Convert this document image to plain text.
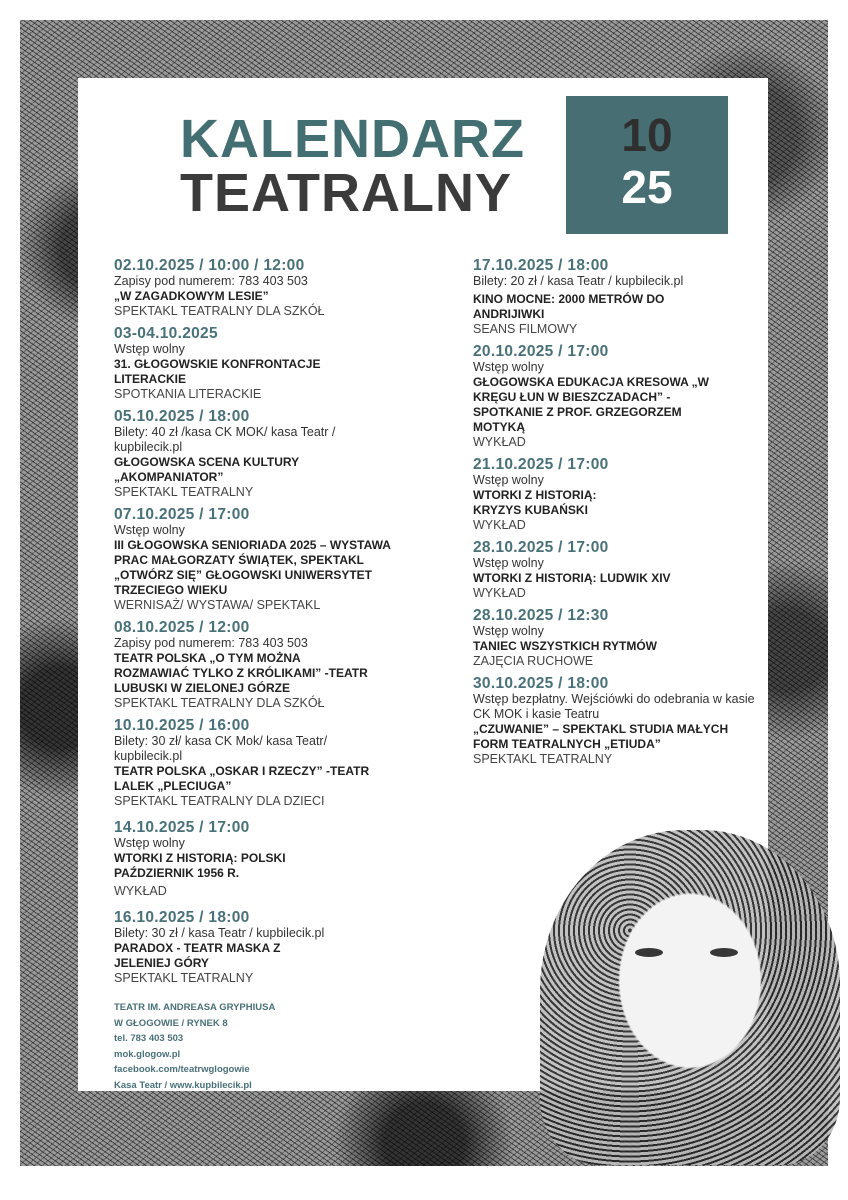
KALENDARZ
TEATRALNY
10
25
02.10.2025 / 10:00 / 12:00
Zapisy pod numerem: 783 403 503
„W ZAGADKOWYM LESIE”
SPEKTAKL TEATRALNY DLA SZKÓŁ
03-04.10.2025
Wstęp wolny
31. GŁOGOWSKIE KONFRONTACJE LITERACKIE
SPOTKANIA LITERACKIE
05.10.2025 / 18:00
Bilety: 40 zł /kasa CK MOK/ kasa Teatr / kupbilecik.pl
GŁOGOWSKA SCENA KULTURY „AKOMPANIATOR”
SPEKTAKL TEATRALNY
07.10.2025 / 17:00
Wstęp wolny
III GŁOGOWSKA SENIORIADA 2025 – WYSTAWA PRAC MAŁGORZATY ŚWIĄTEK, SPEKTAKL „OTWÓRZ SIĘ” GŁOGOWSKI UNIWERSYTET TRZECIEGO WIEKU
WERNISAŻ/ WYSTAWA/ SPEKTAKL
08.10.2025 / 12:00
Zapisy pod numerem: 783 403 503
TEATR POLSKA „O TYM MOŻNA ROZMAWIAĆ TYLKO Z KRÓLIKAMI” -TEATR LUBUSKI W ZIELONEJ GÓRZE
SPEKTAKL TEATRALNY DLA SZKÓŁ
10.10.2025 / 16:00
Bilety: 30 zł/ kasa CK Mok/ kasa Teatr/ kupbilecik.pl
TEATR POLSKA „OSKAR I RZECZY” -TEATR LALEK „PLECIUGA”
SPEKTAKL TEATRALNY DLA DZIECI
14.10.2025 / 17:00
Wstęp wolny
WTORKI Z HISTORIĄ: POLSKI PAŹDZIERNIK 1956 R.
WYKŁAD
16.10.2025 / 18:00
Bilety: 30 zł / kasa Teatr / kupbilecik.pl
PARADOX - TEATR MASKA Z JELENIEJ GÓRY
SPEKTAKL TEATRALNY
17.10.2025 / 18:00
Bilety: 20 zł / kasa Teatr / kupbilecik.pl
KINO MOCNE: 2000 METRÓW DO ANDRIJIWKI
SEANS FILMOWY
20.10.2025 / 17:00
Wstęp wolny
GŁOGOWSKA EDUKACJA KRESOWA „W KRĘGU ŁUN W BIESZCZADACH” -SPOTKANIE Z PROF. GRZEGORZEM MOTYKĄ
WYKŁAD
21.10.2025 / 17:00
Wstęp wolny
WTORKI Z HISTORIĄ: KRYZYS KUBAŃSKI
WYKŁAD
28.10.2025 / 17:00
Wstęp wolny
WTORKI Z HISTORIĄ: LUDWIK XIV
WYKŁAD
28.10.2025 / 12:30
Wstęp wolny
TANIEC WSZYSTKICH RYTMÓW
ZAJĘCIA RUCHOWE
30.10.2025 / 18:00
Wstęp bezpłatny. Wejściówki do odebrania w kasie CK MOK i kasie Teatru
„CZUWANIE” – SPEKTAKL STUDIA MAŁYCH FORM TEATRALNYCH „ETIUDA”
SPEKTAKL TEATRALNY
TEATR IM. ANDREASA GRYPHIUSA
W GŁOGOWIE / RYNEK 8
tel. 783 403 503
mok.glogow.pl
facebook.com/teatrwglogowie
Kasa Teatr / www.kupbilecik.pl
